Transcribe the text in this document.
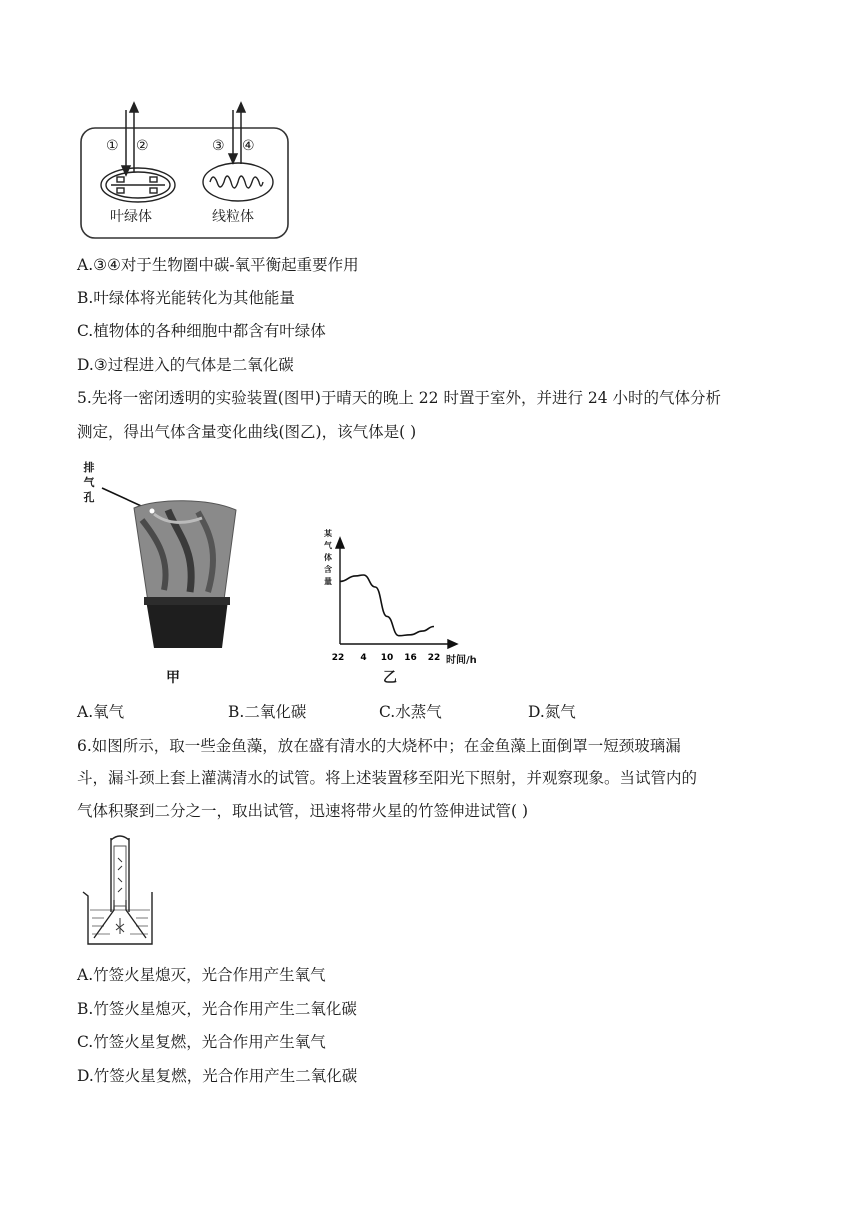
① ②	③ ④
叶绿体	线粒体
A.③④对于生物圈中碳-氧平衡起重要作用
B.叶绿体将光能转化为其他能量
C.植物体的各种细胞中都含有叶绿体
D.③过程进入的气体是二氧化碳
5.先将一密闭透明的实验装置(图甲)于晴天的晚上 22 时置于室外，并进行 24 小时的气体分析
测定，得出气体含量变化曲线(图乙)，该气体是( )
排
气
孔
甲
某
气
体
含
量
22 4 10 16 22 时间/h
乙
A.氧气	B.二氧化碳	C.水蒸气	D.氮气
6.如图所示，取一些金鱼藻，放在盛有清水的大烧杯中；在金鱼藻上面倒罩一短颈玻璃漏
斗，漏斗颈上套上灌满清水的试管。将上述装置移至阳光下照射，并观察现象。当试管内的
气体积聚到二分之一，取出试管，迅速将带火星的竹签伸进试管( )
A.竹签火星熄灭，光合作用产生氧气
B.竹签火星熄灭，光合作用产生二氧化碳
C.竹签火星复燃，光合作用产生氧气
D.竹签火星复燃，光合作用产生二氧化碳
